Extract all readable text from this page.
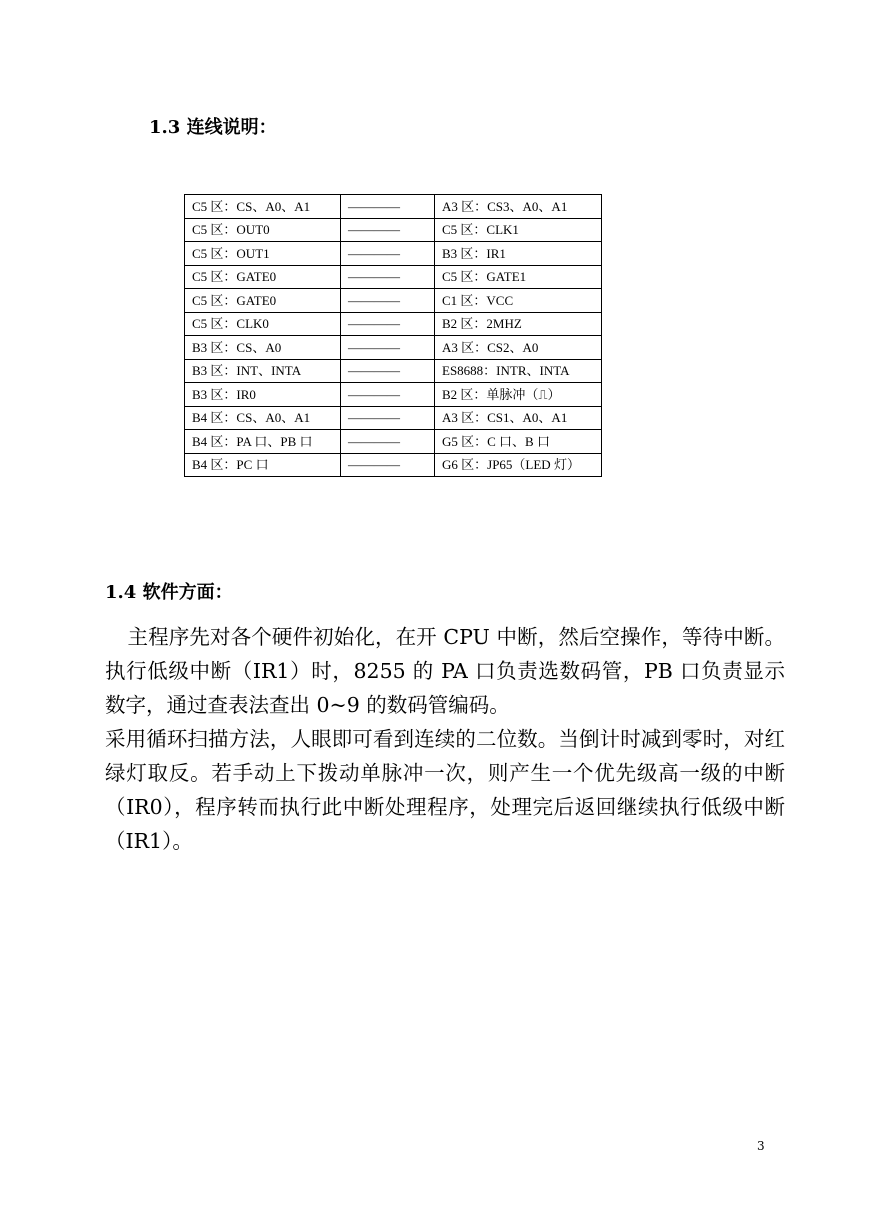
1.3 连线说明：
C5 区：CS、A0、A1	————	A3 区：CS3、A0、A1
C5 区：OUT0	————	C5 区：CLK1
C5 区：OUT1	————	B3 区：IR1
C5 区：GATE0	————	C5 区：GATE1
C5 区：GATE0	————	C1 区：VCC
C5 区：CLK0	————	B2 区：2MHZ
B3 区：CS、A0	————	A3 区：CS2、A0
B3 区：INT、INTA	————	ES8688：INTR、INTA
B3 区：IR0	————	B2 区：单脉冲（⎍）
B4 区：CS、A0、A1	————	A3 区：CS1、A0、A1
B4 区：PA 口、PB 口	————	G5 区：C 口、B 口
B4 区：PC 口	————	G6 区：JP65（LED 灯）
1.4 软件方面：

主程序先对各个硬件初始化，在开 CPU 中断，然后空操作，等待中断。执行低级中断（IR1）时，8255 的 PA 口负责选数码管，PB 口负责显示数字，通过查表法查出 0~9 的数码管编码。

采用循环扫描方法，人眼即可看到连续的二位数。当倒计时减到零时，对红绿灯取反。若手动上下拨动单脉冲一次，则产生一个优先级高一级的中断（IR0），程序转而执行此中断处理程序，处理完后返回继续执行低级中断（IR1）。

3
